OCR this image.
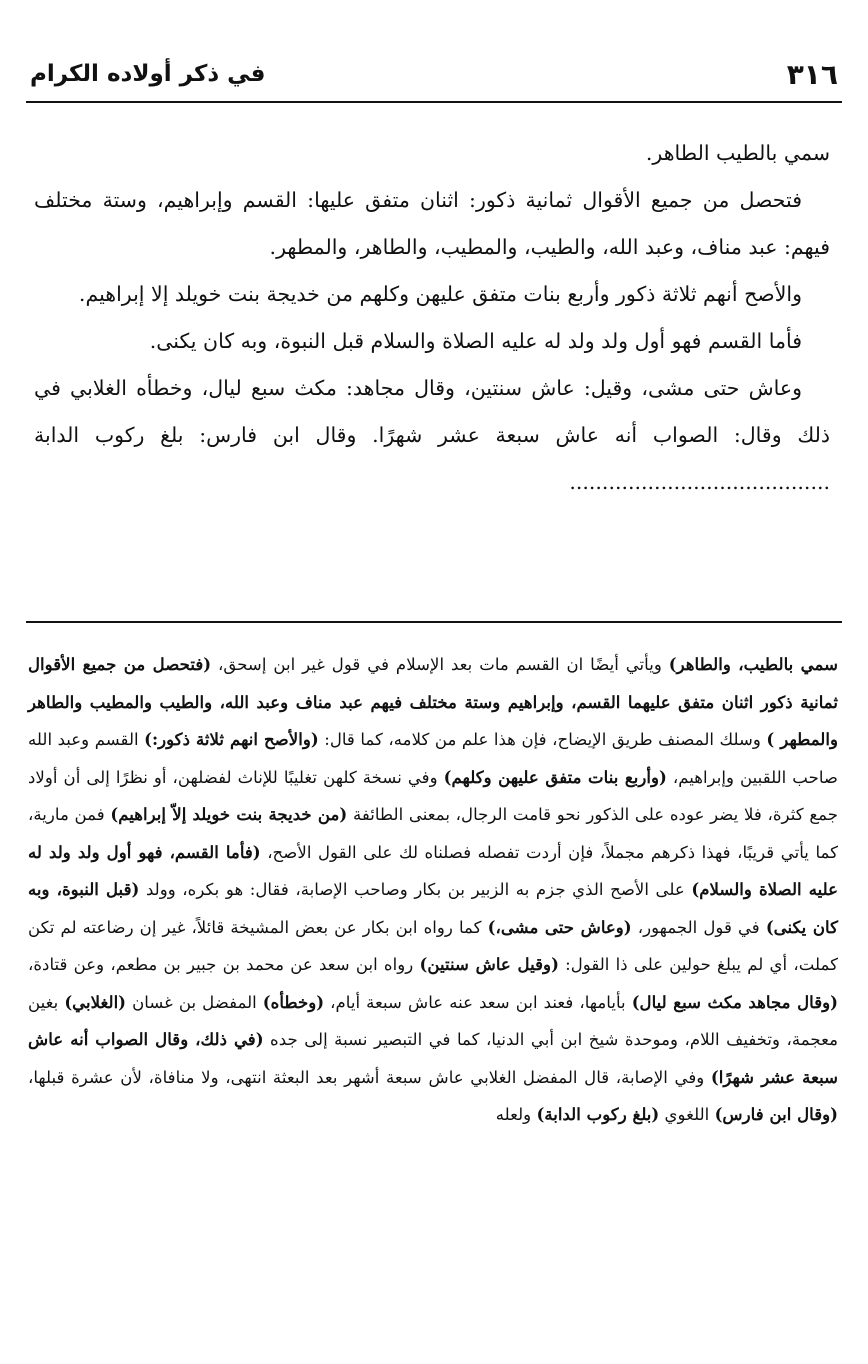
٣١٦
في ذكر أولاده الكرام

سمي بالطيب الطاهر.

فتحصل من جميع الأقوال ثمانية ذكور: اثنان متفق عليها: القسم وإبراهيم، وستة مختلف فيهم: عبد مناف، وعبد الله، والطيب، والمطيب، والطاهر، والمطهر.

والأصح أنهم ثلاثة ذكور وأربع بنات متفق عليهن وكلهم من خديجة بنت خويلد إلا إبراهيم.

فأما القسم فهو أول ولد ولد له عليه الصلاة والسلام قبل النبوة، وبه كان يكنى.

وعاش حتى مشى، وقيل: عاش سنتين، وقال مجاهد: مكث سبع ليال، وخطأه الغلابي في ذلك وقال: الصواب أنه عاش سبعة عشر شهرًا. وقال ابن فارس: بلغ ركوب الدابة ........................................

سمي بالطيب، والطاهر) ويأتي أيضًا ان القسم مات بعد الإسلام في قول غير ابن إسحق، (فتحصل من جميع الأقوال ثمانية ذكور اثنان متفق عليهما القسم، وإبراهيم وستة مختلف فيهم عبد مناف وعبد الله، والطيب والمطيب والطاهر والمطهر ) وسلك المصنف طريق الإيضاح، فإن هذا علم من كلامه، كما قال: (والأصح انهم ثلاثة ذكور:) القسم وعبد الله صاحب اللقبين وإبراهيم، (وأربع بنات متفق عليهن وكلهم) وفي نسخة كلهن تغليبًا للإناث لفضلهن، أو نظرًا إلى أن أولاد جمع كثرة، فلا يضر عوده على الذكور نحو قامت الرجال، بمعنى الطائفة (من خديجة بنت خويلد إلاّ إبراهيم) فمن مارية، كما يأتي قريبًا، فهذا ذكرهم مجملاً، فإن أردت تفصله فصلناه لك على القول الأصح، (فأما القسم، فهو أول ولد ولد له عليه الصلاة والسلام) على الأصح الذي جزم به الزبير بن بكار وصاحب الإصابة، فقال: هو بكره، وولد (قبل النبوة، وبه كان يكنى) في قول الجمهور، (وعاش حتى مشى،) كما رواه ابن بكار عن بعض المشيخة قائلاً، غير إن رضاعته لم تكن كملت، أي لم يبلغ حولين على ذا القول: (وقيل عاش سنتين) رواه ابن سعد عن محمد بن جبير بن مطعم، وعن قتادة، (وقال مجاهد مكث سبع ليال) بأيامها، فعند ابن سعد عنه عاش سبعة أيام، (وخطأه) المفضل بن غسان (الغلابي) بغين معجمة، وتخفيف اللام، وموحدة شيخ ابن أبي الدنيا، كما في التبصير نسبة إلى جده (في ذلك، وقال الصواب أنه عاش سبعة عشر شهرًا) وفي الإصابة، قال المفضل الغلابي عاش سبعة أشهر بعد البعثة انتهى، ولا منافاة، لأن عشرة قبلها، (وقال ابن فارس) اللغوي (بلغ ركوب الدابة) ولعله
